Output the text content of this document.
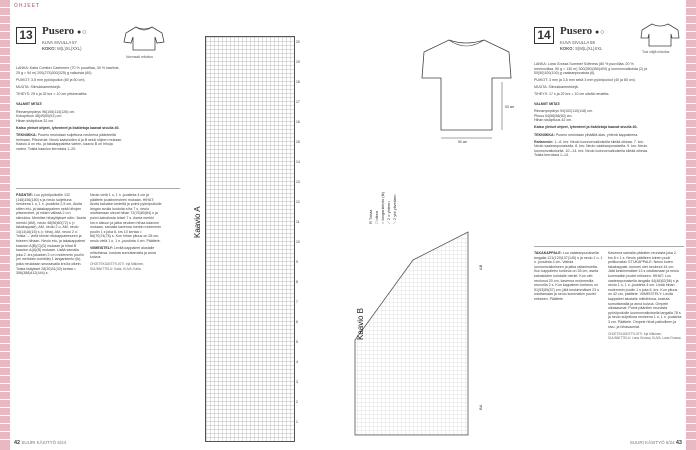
OHJEET
13 Pusero ●○
KUVA SIVULLA 57
KOKO: M(L)XL(XXL)
Normaali mitoitus

LANKA: Katia Comfort Cashmere (70 % puuvillaa, 30 % kashmir, 25 g = 94 m) 200(275)300(325) g valkoista (60).

PUIKOT: 3,5 mm pyöröpuikot (80 ja 60 cm).

MUUTA: Silmukkamerkkejä.

TIHEYS: 25 s ja 32 krs = 10 cm pitsineuletta.

VALMIIT MITAT:

Rinnanympärys 96(106)114(126) cm.

Kokopituus 48(49)50(51) cm.

Hihan sisäpituus 32 cm.

Katso yleiset ohjeet, lyhenteet ja lisätietoja kaavat sivulla 40.

TEKNIIKKA: Pusero neulotaan suljettuna neuleena päänteeltä helmaan. Pitsineule: Neulo kaavioiden A ja B sekä ohjeen mukaan. Kaavio A on etu- ja takakappaletta varten, kaavio B on hihoja varten. Toista kaavion kerroksia 1–20.

PÄÄNTIE: Luo pyöröpuikoille 132 (148)156(180) s ja neulo suljettuna neuleena 1 o, 1 n -joustinta 2,5 cm. Aloita sitten etu- ja takakappaleen sekä hihojen pitsineuleet, ja niiden välissä 2 o:n silmukka. Merkitse hihaylitykset näin: 'Aseta merkki (AM), neulo 48(56)60(72) s (= takakappale), AM, neulo 2 o, AM, neulo 14(14)16(16) s (= hiha), AM, neulo 2 o'. Toista '–' vielä kerran etukappaleeseen ja toiseen hihaan. Neulo etu- ja takakappaleet kaavion A(B)(C)(D) mukaan ja hihat B kaavion A(A)(B) mukaan. Lisää samalla joka 2. krs jokaisen 2 o:n molemmin puolin (eli merkkien kohdilla) 1 langankierto (lk), jotka neulotaan seuraavalla krs:lla oikein. Toista lisäykset 28(30)31(33) kertaa = 356(388)412(444) s.

Neulo vielä 1 o, 1 n -joustinta 4 cm ja päättele joustinneuleen mukaan. HIHAT: Aloita kainalon kedeltä ja poimi pyöröpuikolle langan avulla luodulta s:lta 7 s, neulo odottamaan olevat hihan 72(76)80(84) s ja poimi kainalosta toiset 7 s. Aseta merkki krs:n alkuun ja jatka neuloen hihaa kaavion mukaan, samalla kavenna merkin molemmin puolin 1 s joka 8. krs 10 kertaa = 66(70)74(78) s. Kun hihan pituus on 28 cm, neulo vielä 1 o, 1 n -joustinta 4 cm. Päättele.

VIIMEISTELY: Levitä kappaleet alustalle mittoihinsa, kostuta sumuttamalla ja anna kuivua.

OHJETEKIJÄ/STYLISTI: Irja Mäkinen, SUUNNITTELU: Katia, KUVA: Katia.

20
19
18
17
16
15
14
13
12
11
10
9
8
7
6
5
4
3
2
1
Kaavio A
42 SUURI KÄSITYÖ 5/24
Kaavio B
AB
BA
R Toista
□ oikea
○ langankierto (lk)
⟋ 2 o yhteen
⟍ 2 yht ylivetäen
50 cm
53 cm
14 Pusero ●○
KUVA SIVULLA 58
KOKO: S(M)L(XL)XXL
Tosi väljä mitoitus

LANKA: Lana Grossa Summer Softness (80 % puuvillaa, 20 % merinovillaa, 50 g = 130 m) 300(350)350(400) g luonnonvalkoista (2) ja 50(50)100(100) g vaaleanpunaista (6).

PUIKOT: 3 mm ja 3,5 mm sekä 3 mm pyöröpuikot (40 ja 80 cm).

MUUTA: Silmukkamerkkejä.

TIHEYS: 17 s ja 22 krs = 10 cm sileää neuletta.

VALMIIT MITAT:

Rinnanympärys 94(102)110(118) cm.

Pituus 54(56)58(60) cm.

Hihan sisäpituus 42 cm.

Katso yleiset ohjeet, lyhenteet ja lisätietoja kaavat sivulla 40.

TEKNIIKKA: Pusero neulotaan ylhäältä alas, yhtenä kappaleena.

Raitaneule: 1.–6. krs: Neulo luonnonvalkoisella sileää oikeaa. 7. krs: Neulo vaaleanpunaisella. 8. krs: Neulo vaaleanpunaisella. 9. krs: Neulo luonnonvalkoisella. 10.–14. krs: Neulo luonnonvalkoisella sileää oikeaa. Toista kerroksia 1–14.

TAKAKAPPALE: Luo vaaleanpunaisella langalla 121(129)137(145) s ja neulo 1 o, 1 n -joustinta 4 cm. Vaihda luonnonvalkoiseen ja jatka raitaneuletta. Kun kappaleen korkeus on 28 cm, aseta kainaloiden kohdalle merkit. Kun olet neulonut 20 cm, kavenna molemmilla reunoilla 2 s. Kun kappaleen korkeus on 51(53)55(57) cm, jätä keskimmäiset 23 s odottamaan ja neulo kummatkin puolet erikseen. Päättele.

Kavenna samalla pääntien reunasta joka 2. krs 8 x 1 s. Neulo päätteen toinen puoli peilikuvaksi. ETUKAPPALE: Neulo kuten takakappale, kunnes olet neulonut 44 cm. Jätä keskimmäiset 13 s odottamaan ja neulo kummatkin puolet erikseen. HIHAT: Luo vaaleanpunaisella langalla 44(48)52(56) s ja neulo 1 o, 1 n -joustinta 4 cm. Lisää hihan molemmin puolin 1 s joka 6. krs. Kun pituus on 42 cm, päättele. VIIMEISTELY: Levitä kappaleet alustalle mittoihinsa, kostuta sumuttamalla ja anna kuivua. Ompele olkasaumat. Poimi pääntien reunasta pyöröpuikolle luonnonvalkoisella langalla 78 s ja neulo suljettuna neuleena 1 o, 1 n -joustinta 3 cm. Päättele. Ompele hihat paikoilleen ja sivu- ja hihasaumat.

OHJETEKIJÄ/STYLISTI: Irja Mäkinen, SUUNNITTELU: Lana Grossa, KUVA: Lana Grossa.

SUURI KÄSITYÖ 5/24 43
